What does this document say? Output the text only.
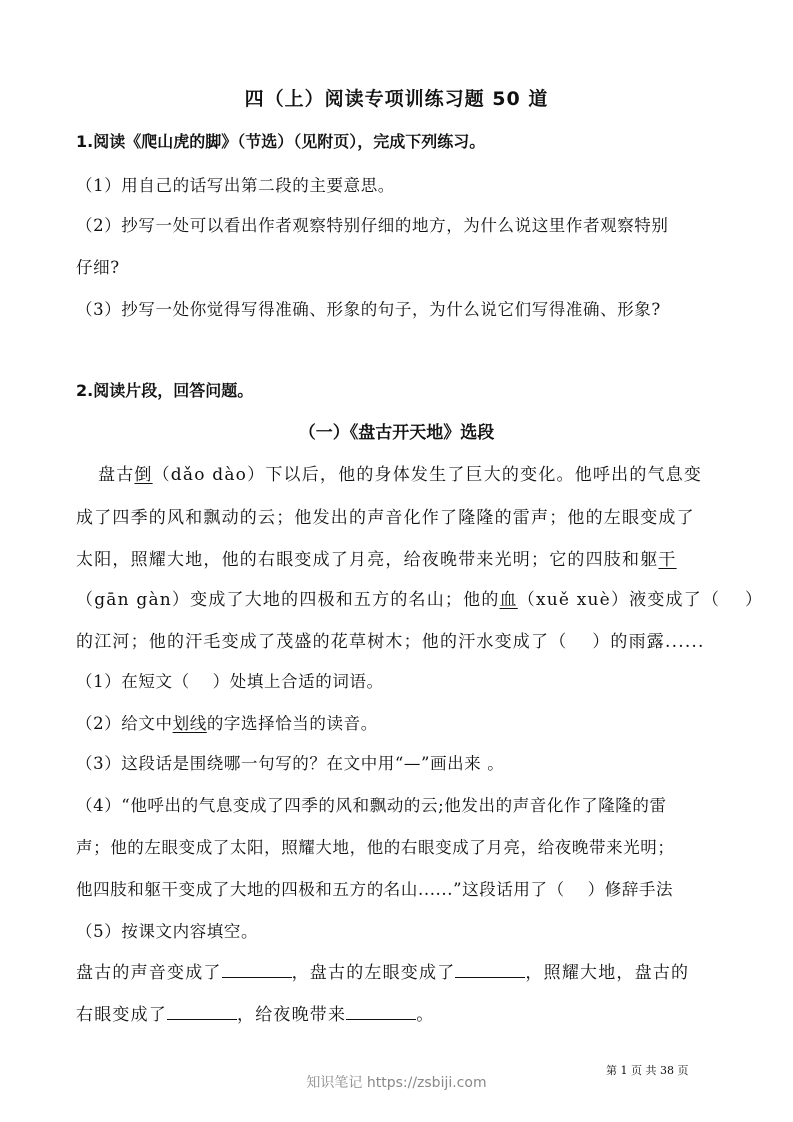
四（上）阅读专项训练习题 50 道
1.阅读《爬山虎的脚》（节选）（见附页），完成下列练习。
（1）用自己的话写出第二段的主要意思。
（2）抄写一处可以看出作者观察特别仔细的地方，为什么说这里作者观察特别
仔细?
（3）抄写一处你觉得写得准确、形象的句子，为什么说它们写得准确、形象?
2.阅读片段，回答问题。
（一）《盘古开天地》选段
盘古倒（dǎo dào）下以后，他的身体发生了巨大的变化。他呼出的气息变
成了四季的风和飘动的云；他发出的声音化作了隆隆的雷声；他的左眼变成了
太阳，照耀大地，他的右眼变成了月亮，给夜晚带来光明；它的四肢和躯干
（gān gàn）变成了大地的四极和五方的名山；他的血（xuě xuè）液变成了（　 ）
的江河；他的汗毛变成了茂盛的花草树木；他的汗水变成了（　 ）的雨露......
（1）在短文（　 ）处填上合适的词语。
（2）给文中划线的字选择恰当的读音。
（3）这段话是围绕哪一句写的？在文中用“—”画出来 。
（4）“他呼出的气息变成了四季的风和飘动的云;他发出的声音化作了隆隆的雷
声；他的左眼变成了太阳，照耀大地，他的右眼变成了月亮，给夜晚带来光明；
他四肢和躯干变成了大地的四极和五方的名山......”这段话用了（　 ）修辞手法
（5）按课文内容填空。
盘古的声音变成了	，盘古的左眼变成了	，照耀大地，盘古的
右眼变成了	，给夜晚带来	。
第 1 页 共 38 页
知识笔记 https://zsbiji.com
